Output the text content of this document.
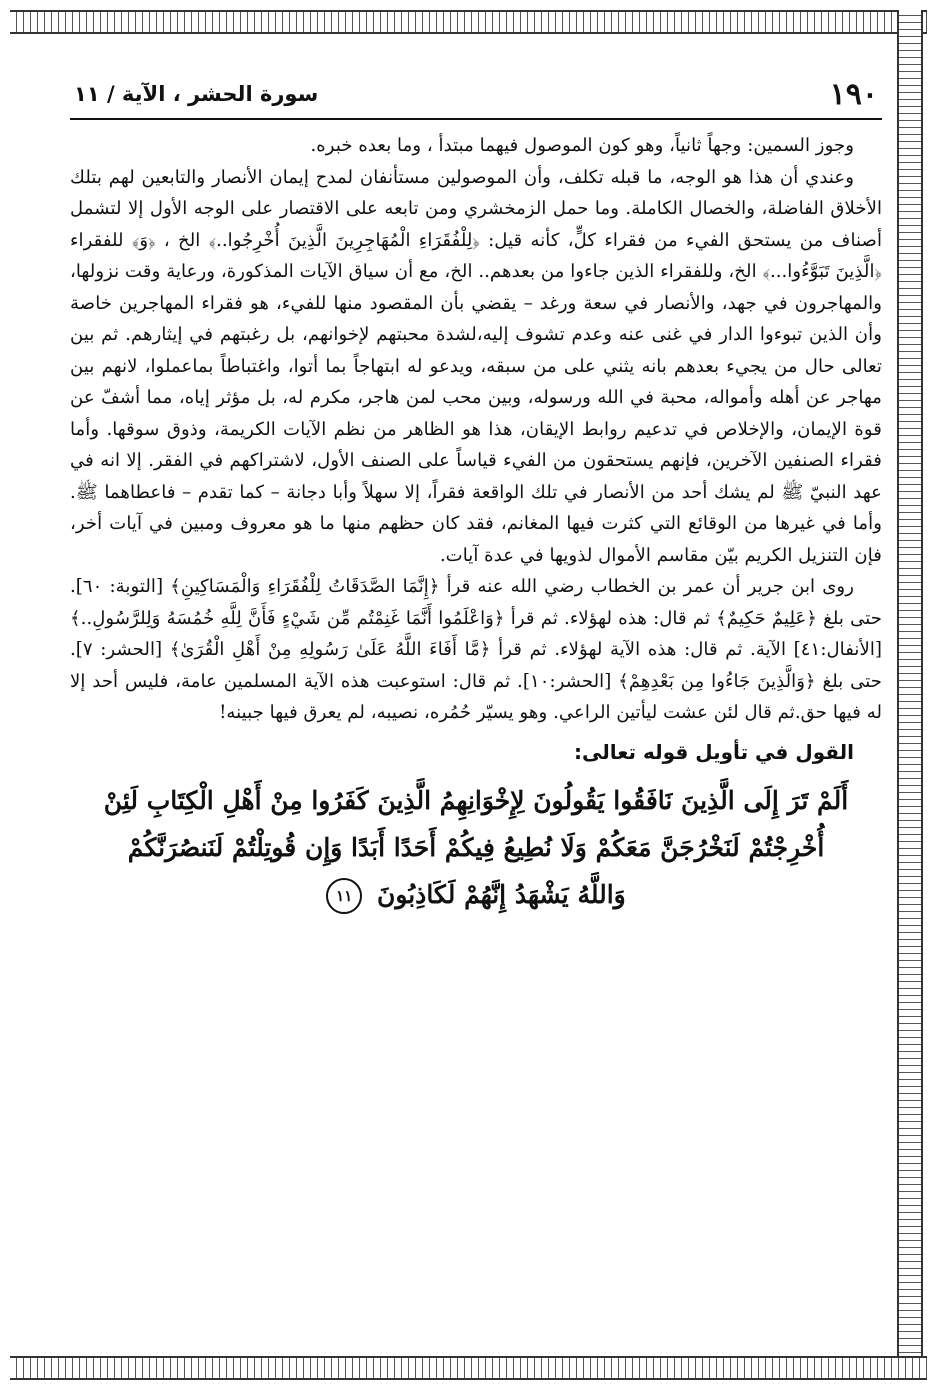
١٩٠
سورة الحشر ، الآية / ١١

وجوز السمين: وجهاً ثانياً، وهو كون الموصول فيهما مبتدأ ، وما بعده خبره.

وعندي أن هذا هو الوجه، ما قبله تكلف، وأن الموصولين مستأنفان لمدح إيمان الأنصار والتابعين لهم بتلك الأخلاق الفاضلة، والخصال الكاملة. وما حمل الزمخشري ومن تابعه على الاقتصار على الوجه الأول إلا لتشمل أصناف من يستحق الفيء من فقراء كلٍّ، كأنه قيل: ﴿لِلْفُقَرَاءِ الْمُهَاجِرِينَ الَّذِينَ أُخْرِجُوا..﴾ الخ ، ﴿وَ﴾ للفقراء ﴿الَّذِينَ تَبَوَّءُوا...﴾ الخ، وللفقراء الذين جاءوا من بعدهم.. الخ، مع أن سياق الآيات المذكورة، ورعاية وقت نزولها، والمهاجرون في جهد، والأنصار في سعة ورغد – يقضي بأن المقصود منها للفيء، هو فقراء المهاجرين خاصة وأن الذين تبوءوا الدار في غنى عنه وعدم تشوف إليه،لشدة محبتهم لإخوانهم، بل رغبتهم في إيثارهم. ثم بين تعالى حال من يجيء بعدهم بانه يثني على من سبقه، ويدعو له ابتهاجاً بما أتوا، واغتباطاً بماعملوا، لانهم بين مهاجر عن أهله وأمواله، محبة في الله ورسوله، وبين محب لمن هاجر، مكرم له، بل مؤثر إياه، مما أشفّ عن قوة الإيمان، والإخلاص في تدعيم روابط الإيقان، هذا هو الظاهر من نظم الآيات الكريمة، وذوق سوقها. وأما فقراء الصنفين الآخرين، فإنهم يستحقون من الفيء قياساً على الصنف الأول، لاشتراكهم في الفقر. إلا انه في عهد النبيّ ﷺ لم يشك أحد من الأنصار في تلك الواقعة فقراً، إلا سهلاً وأبا دجانة – كما تقدم – فاعطاهما ﷺ. وأما في غيرها من الوقائع التي كثرت فيها المغانم، فقد كان حظهم منها ما هو معروف ومبين في آيات أخر، فإن التنزيل الكريم بيّن مقاسم الأموال لذويها في عدة آيات.

روى ابن جرير أن عمر بن الخطاب رضي الله عنه قرأ ﴿إِنَّمَا الصَّدَقَاتُ لِلْفُقَرَاءِ وَالْمَسَاكِينِ﴾ [التوبة: ٦٠]. حتى بلغ ﴿عَلِيمٌ حَكِيمٌ﴾ ثم قال: هذه لهؤلاء. ثم قرأ ﴿وَاعْلَمُوا أَنَّمَا غَنِمْتُم مِّن شَيْءٍ فَأَنَّ لِلَّهِ خُمُسَهُ وَلِلرَّسُولِ..﴾ [الأنفال:٤١] الآية. ثم قال: هذه الآية لهؤلاء. ثم قرأ ﴿مَّا أَفَاءَ اللَّهُ عَلَىٰ رَسُولِهِ مِنْ أَهْلِ الْقُرَىٰ﴾ [الحشر: ٧]. حتى بلغ ﴿وَالَّذِينَ جَاءُوا مِن بَعْدِهِمْ﴾ [الحشر:١٠]. ثم قال: استوعبت هذه الآية المسلمين عامة، فليس أحد إلا له فيها حق.ثم قال لئن عشت ليأتين الراعي. وهو يسيّر حُمُره، نصيبه، لم يعرق فيها جبينه!

القول في تأويل قوله تعالى:
أَلَمْ تَرَ إِلَى الَّذِينَ نَافَقُوا يَقُولُونَ لِإِخْوَانِهِمُ الَّذِينَ كَفَرُوا مِنْ أَهْلِ الْكِتَابِ لَئِنْ
أُخْرِجْتُمْ لَنَخْرُجَنَّ مَعَكُمْ وَلَا نُطِيعُ فِيكُمْ أَحَدًا أَبَدًا وَإِن قُوتِلْتُمْ لَنَنصُرَنَّكُمْ
وَاللَّهُ يَشْهَدُ إِنَّهُمْ لَكَاذِبُونَ ١١
